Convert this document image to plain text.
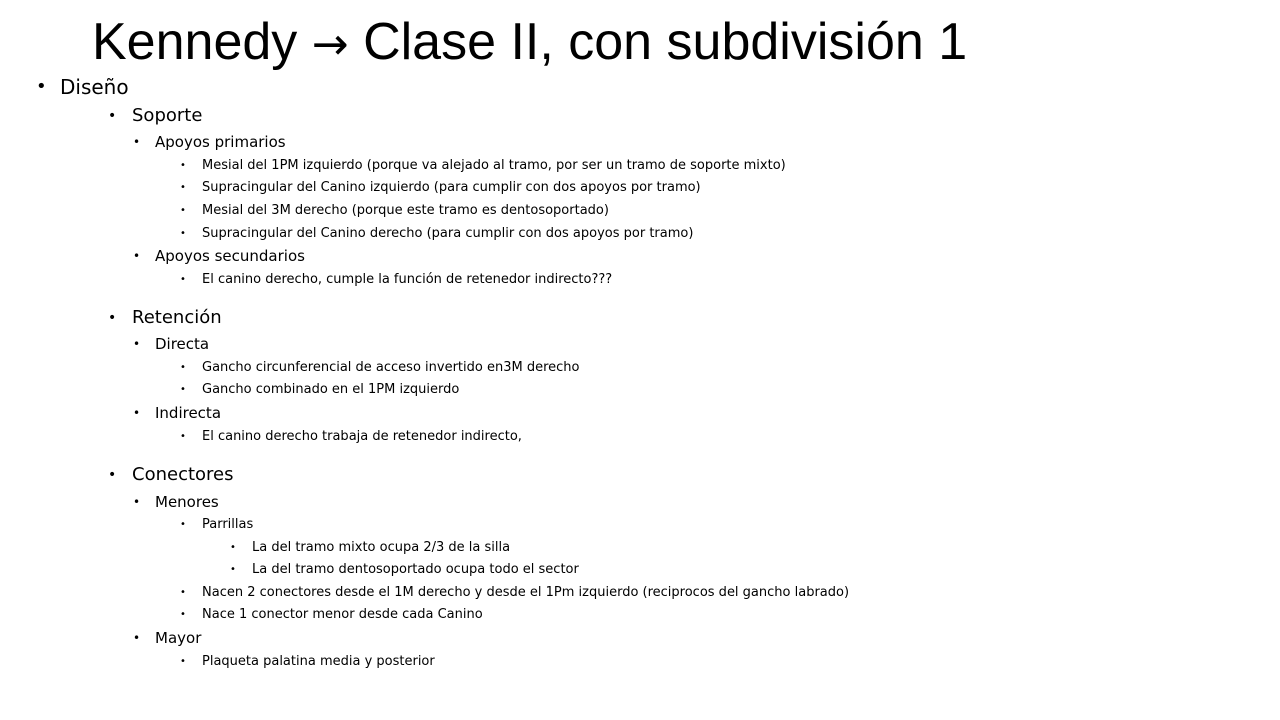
Kennedy → Clase II, con subdivisión 1
• Diseño
• Soporte
• Apoyos primarios
• Mesial del 1PM izquierdo (porque va alejado al tramo, por ser un tramo de soporte mixto)
• Supracingular del Canino izquierdo (para cumplir con dos apoyos por tramo)
• Mesial del 3M derecho (porque este tramo es dentosoportado)
• Supracingular del Canino derecho (para cumplir con dos apoyos por tramo)
• Apoyos secundarios
• El canino derecho, cumple la función de retenedor indirecto???
• Retención
• Directa
• Gancho circunferencial de acceso invertido en3M derecho
• Gancho combinado en el 1PM izquierdo
• Indirecta
• El canino derecho trabaja de retenedor indirecto,
• Conectores
• Menores
• Parrillas
• La del tramo mixto ocupa 2/3 de la silla
• La del tramo dentosoportado ocupa todo el sector
• Nacen 2 conectores desde el 1M derecho y desde el 1Pm izquierdo (reciprocos del gancho labrado)
• Nace 1 conector menor desde cada Canino
• Mayor
• Plaqueta palatina media y posterior
